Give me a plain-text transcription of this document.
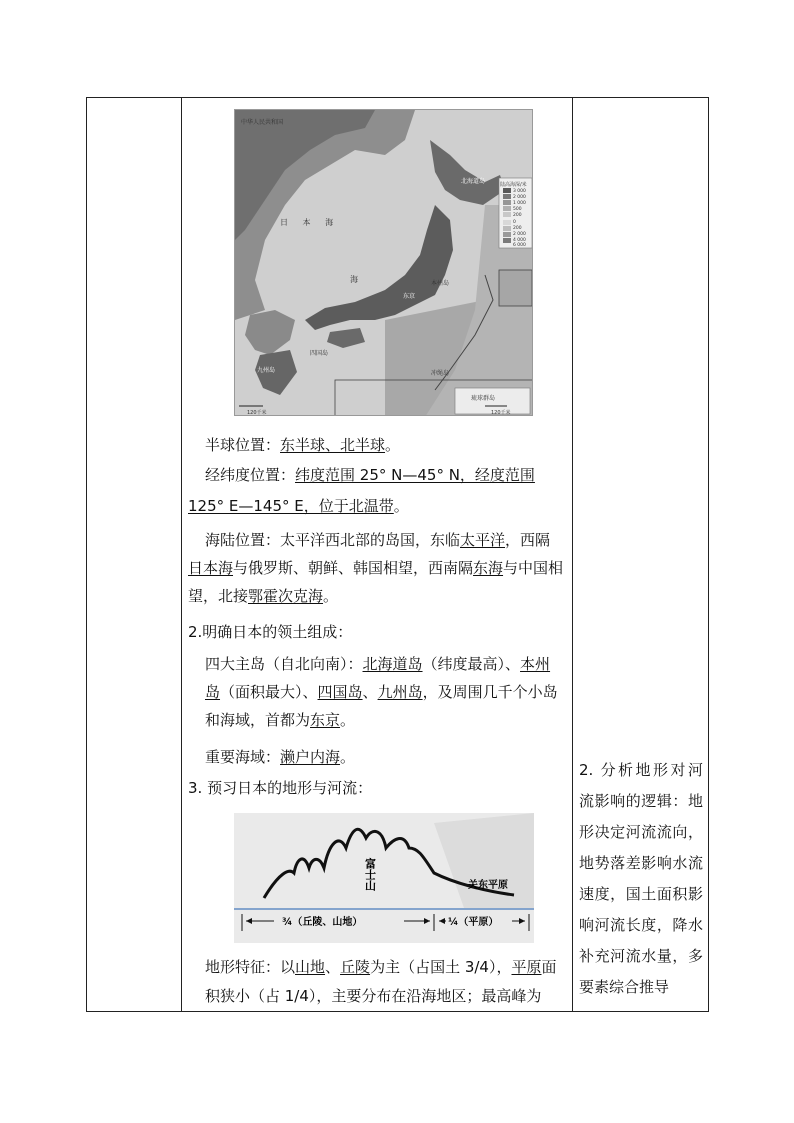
中华人民共和国
陆高海深/米
3 000
2 000
1 000
500
200
0
200
2 000
4 000
6 000
北海道岛
本州岛
东京
四国岛
九州岛	冲绳岛
日 本 海
海
琉球群岛
120千米	120千米
半球位置：东半球、北半球。
经纬度位置：纬度范围 25° N—45° N，经度范围
125° E—145° E，位于北温带。
海陆位置：太平洋西北部的岛国，东临太平洋，西隔
日本海与俄罗斯、朝鲜、韩国相望，西南隔东海与中国相望，北接鄂霍次克海。
2.明确日本的领土组成：
四大主岛（自北向南）：北海道岛（纬度最高）、本州岛（面积最大）、四国岛、九州岛，及周围几千个小岛和海域，首都为东京。
重要海域：濑户内海。
3. 预习日本的地形与河流：
富士山	关东平原
¾（丘陵、山地）	¼（平原）
地形特征：以山地、丘陵为主（占国土 3/4），平原面积狭小（占 1/4），主要分布在沿海地区；最高峰为
2. 分析地形对河流影响的逻辑：地形决定河流流向，地势落差影响水流速度，国土面积影响河流长度，降水补充河流水量，多要素综合推导
